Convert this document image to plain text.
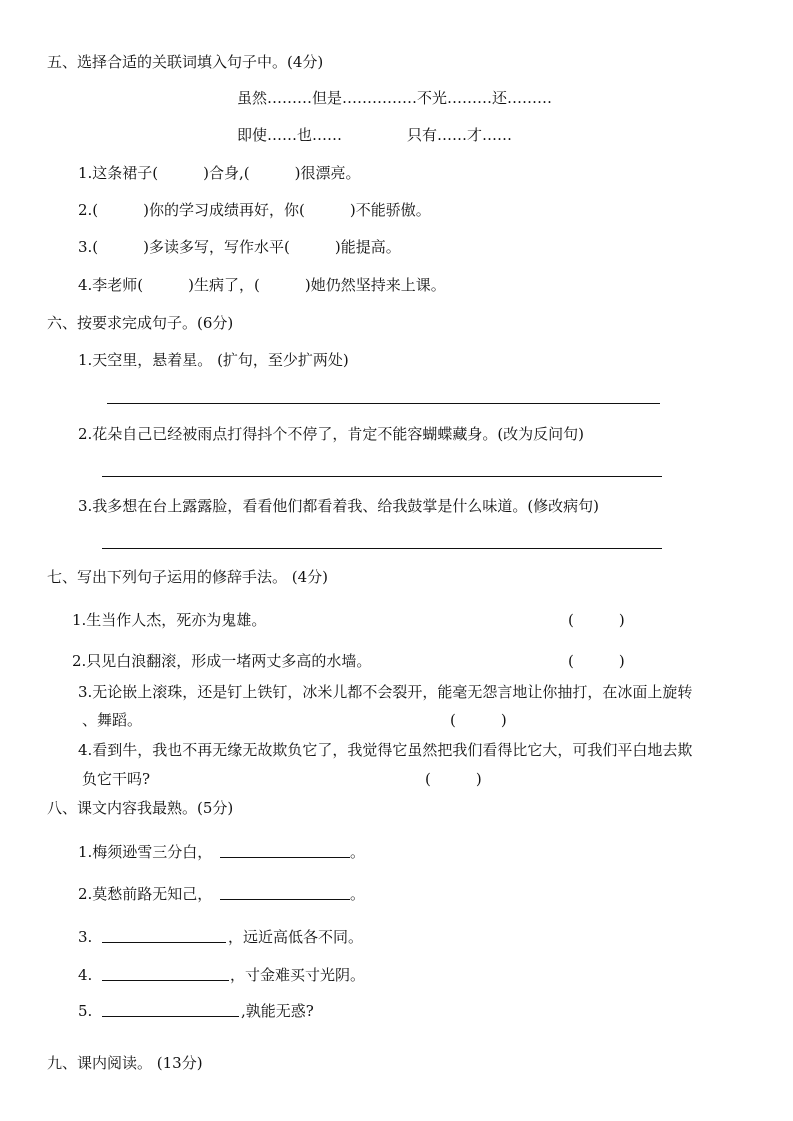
五、选择合适的关联词填入句子中。(4分)
虽然………但是……………不光………还………
即使……也……	只有……才……
1.这条裙子(　　　)合身,(　　　)很漂亮。
2.(　　　)你的学习成绩再好，你(　　　)不能骄傲。
3.(　　　)多读多写，写作水平(　　　)能提高。
4.李老师(　　　)生病了，(　　　)她仍然坚持来上课。
六、按要求完成句子。(6分)
1.天空里，悬着星。 (扩句，至少扩两处)
2.花朵自己已经被雨点打得抖个不停了，肯定不能容蝴蝶藏身。(改为反问句)
3.我多想在台上露露脸，看看他们都看着我、给我鼓掌是什么味道。(修改病句)
七、写出下列句子运用的修辞手法。 (4分)
1.生当作人杰，死亦为鬼雄。	(　　　)
2.只见白浪翻滚，形成一堵两丈多高的水墙。	(　　　)
3.无论嵌上滚珠，还是钉上铁钉，冰米儿都不会裂开，能毫无怨言地让你抽打，在冰面上旋转
、舞蹈。	(　　　)
4.看到牛，我也不再无缘无故欺负它了，我觉得它虽然把我们看得比它大，可我们平白地去欺
负它干吗?	(　　　)
八、课文内容我最熟。(5分)
1.梅须逊雪三分白，	。
2.莫愁前路无知己，	。
3.	，远近高低各不同。
4.	，寸金难买寸光阴。
5.	,孰能无惑?
九、课内阅读。 (13分)
